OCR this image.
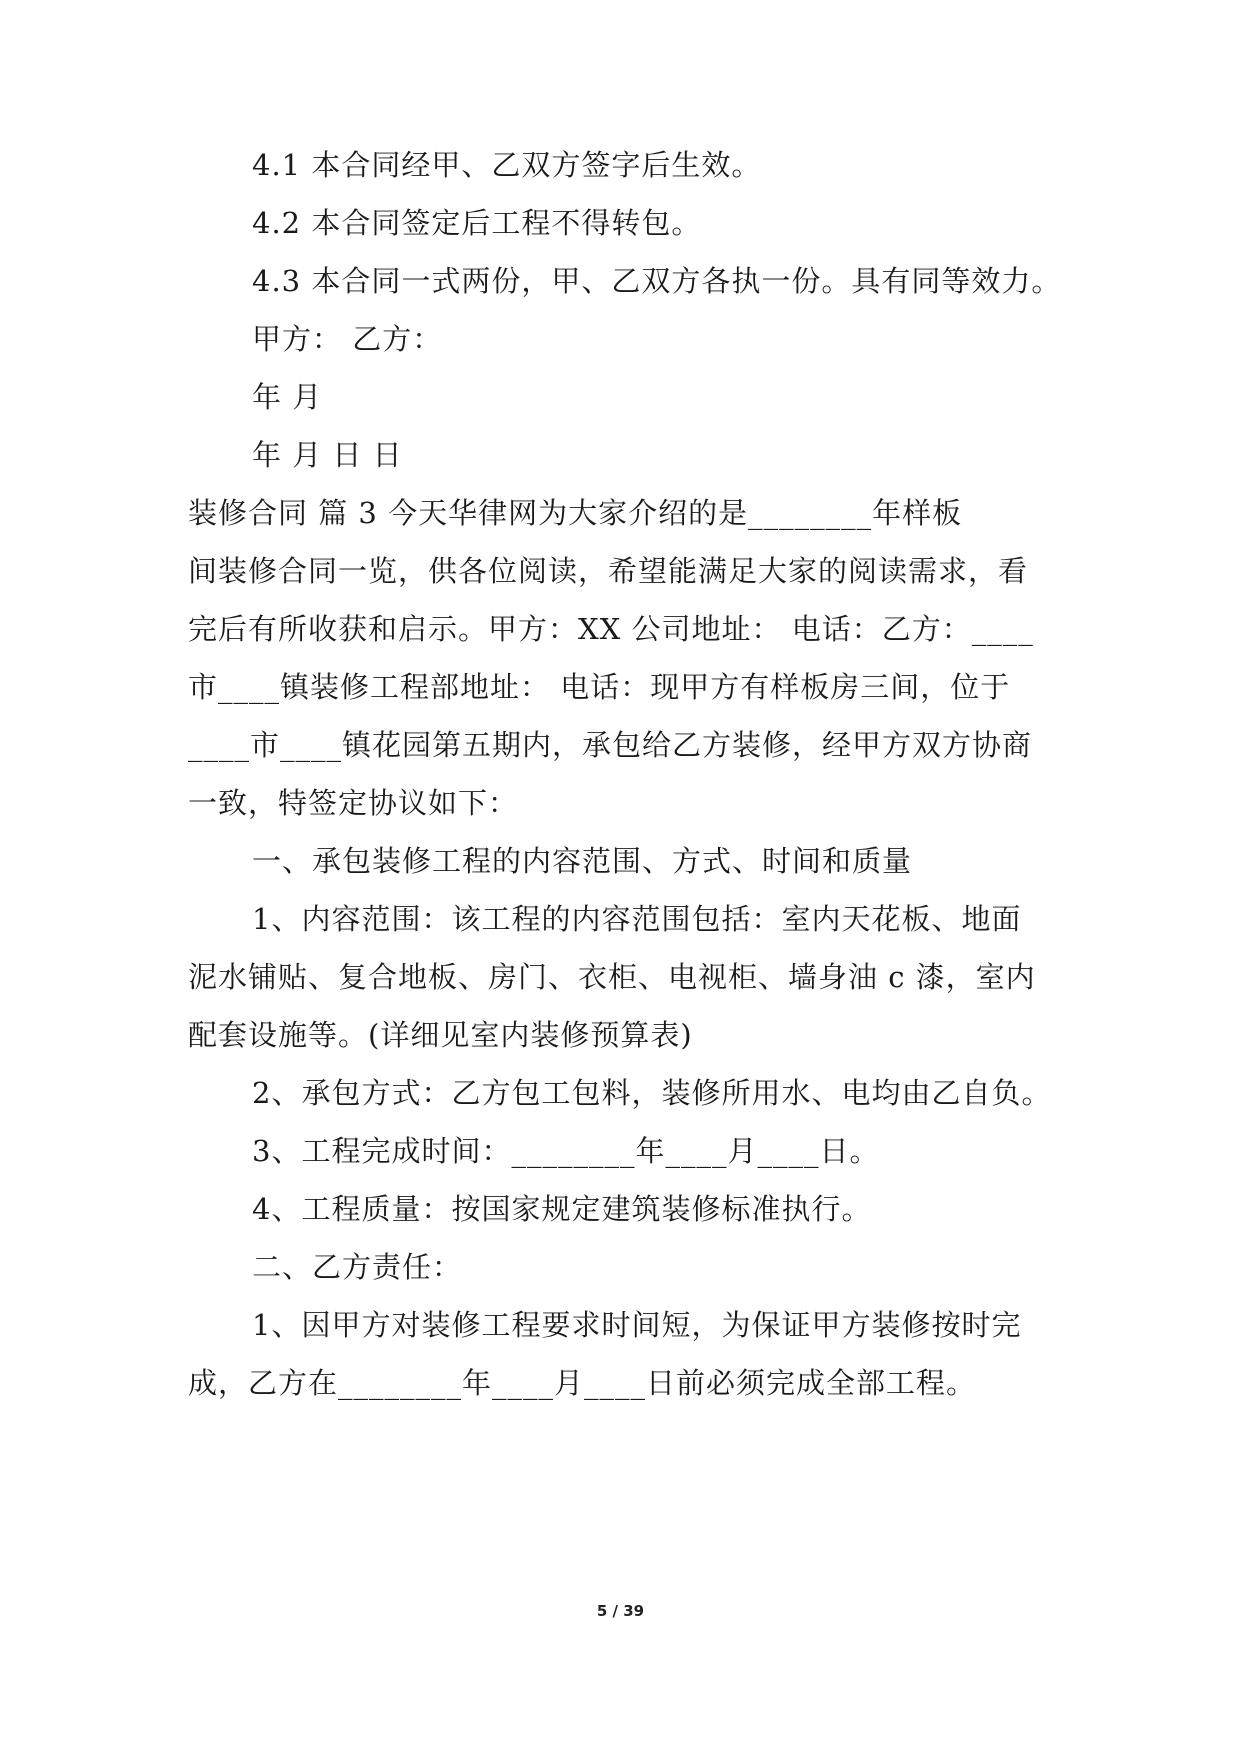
4.1 本合同经甲、乙双方签字后生效。

4.2 本合同签定后工程不得转包。

4.3 本合同一式两份，甲、乙双方各执一份。具有同等效力。

甲方： 乙方：

年 月

年 月 日 日

装修合同 篇 3 今天华律网为大家介绍的是________年样板

间装修合同一览，供各位阅读，希望能满足大家的阅读需求，看

完后有所收获和启示。甲方：XX 公司地址： 电话：乙方：____

市____镇装修工程部地址： 电话：现甲方有样板房三间，位于

____市____镇花园第五期内，承包给乙方装修，经甲方双方协商

一致，特签定协议如下：

一、承包装修工程的内容范围、方式、时间和质量

1、内容范围：该工程的内容范围包括：室内天花板、地面

泥水铺贴、复合地板、房门、衣柜、电视柜、墙身油 c 漆，室内

配套设施等。(详细见室内装修预算表)

2、承包方式：乙方包工包料，装修所用水、电均由乙自负。

3、工程完成时间：________年____月____日。

4、工程质量：按国家规定建筑装修标准执行。

二、乙方责任：

1、因甲方对装修工程要求时间短，为保证甲方装修按时完

成，乙方在________年____月____日前必须完成全部工程。

5 / 39
